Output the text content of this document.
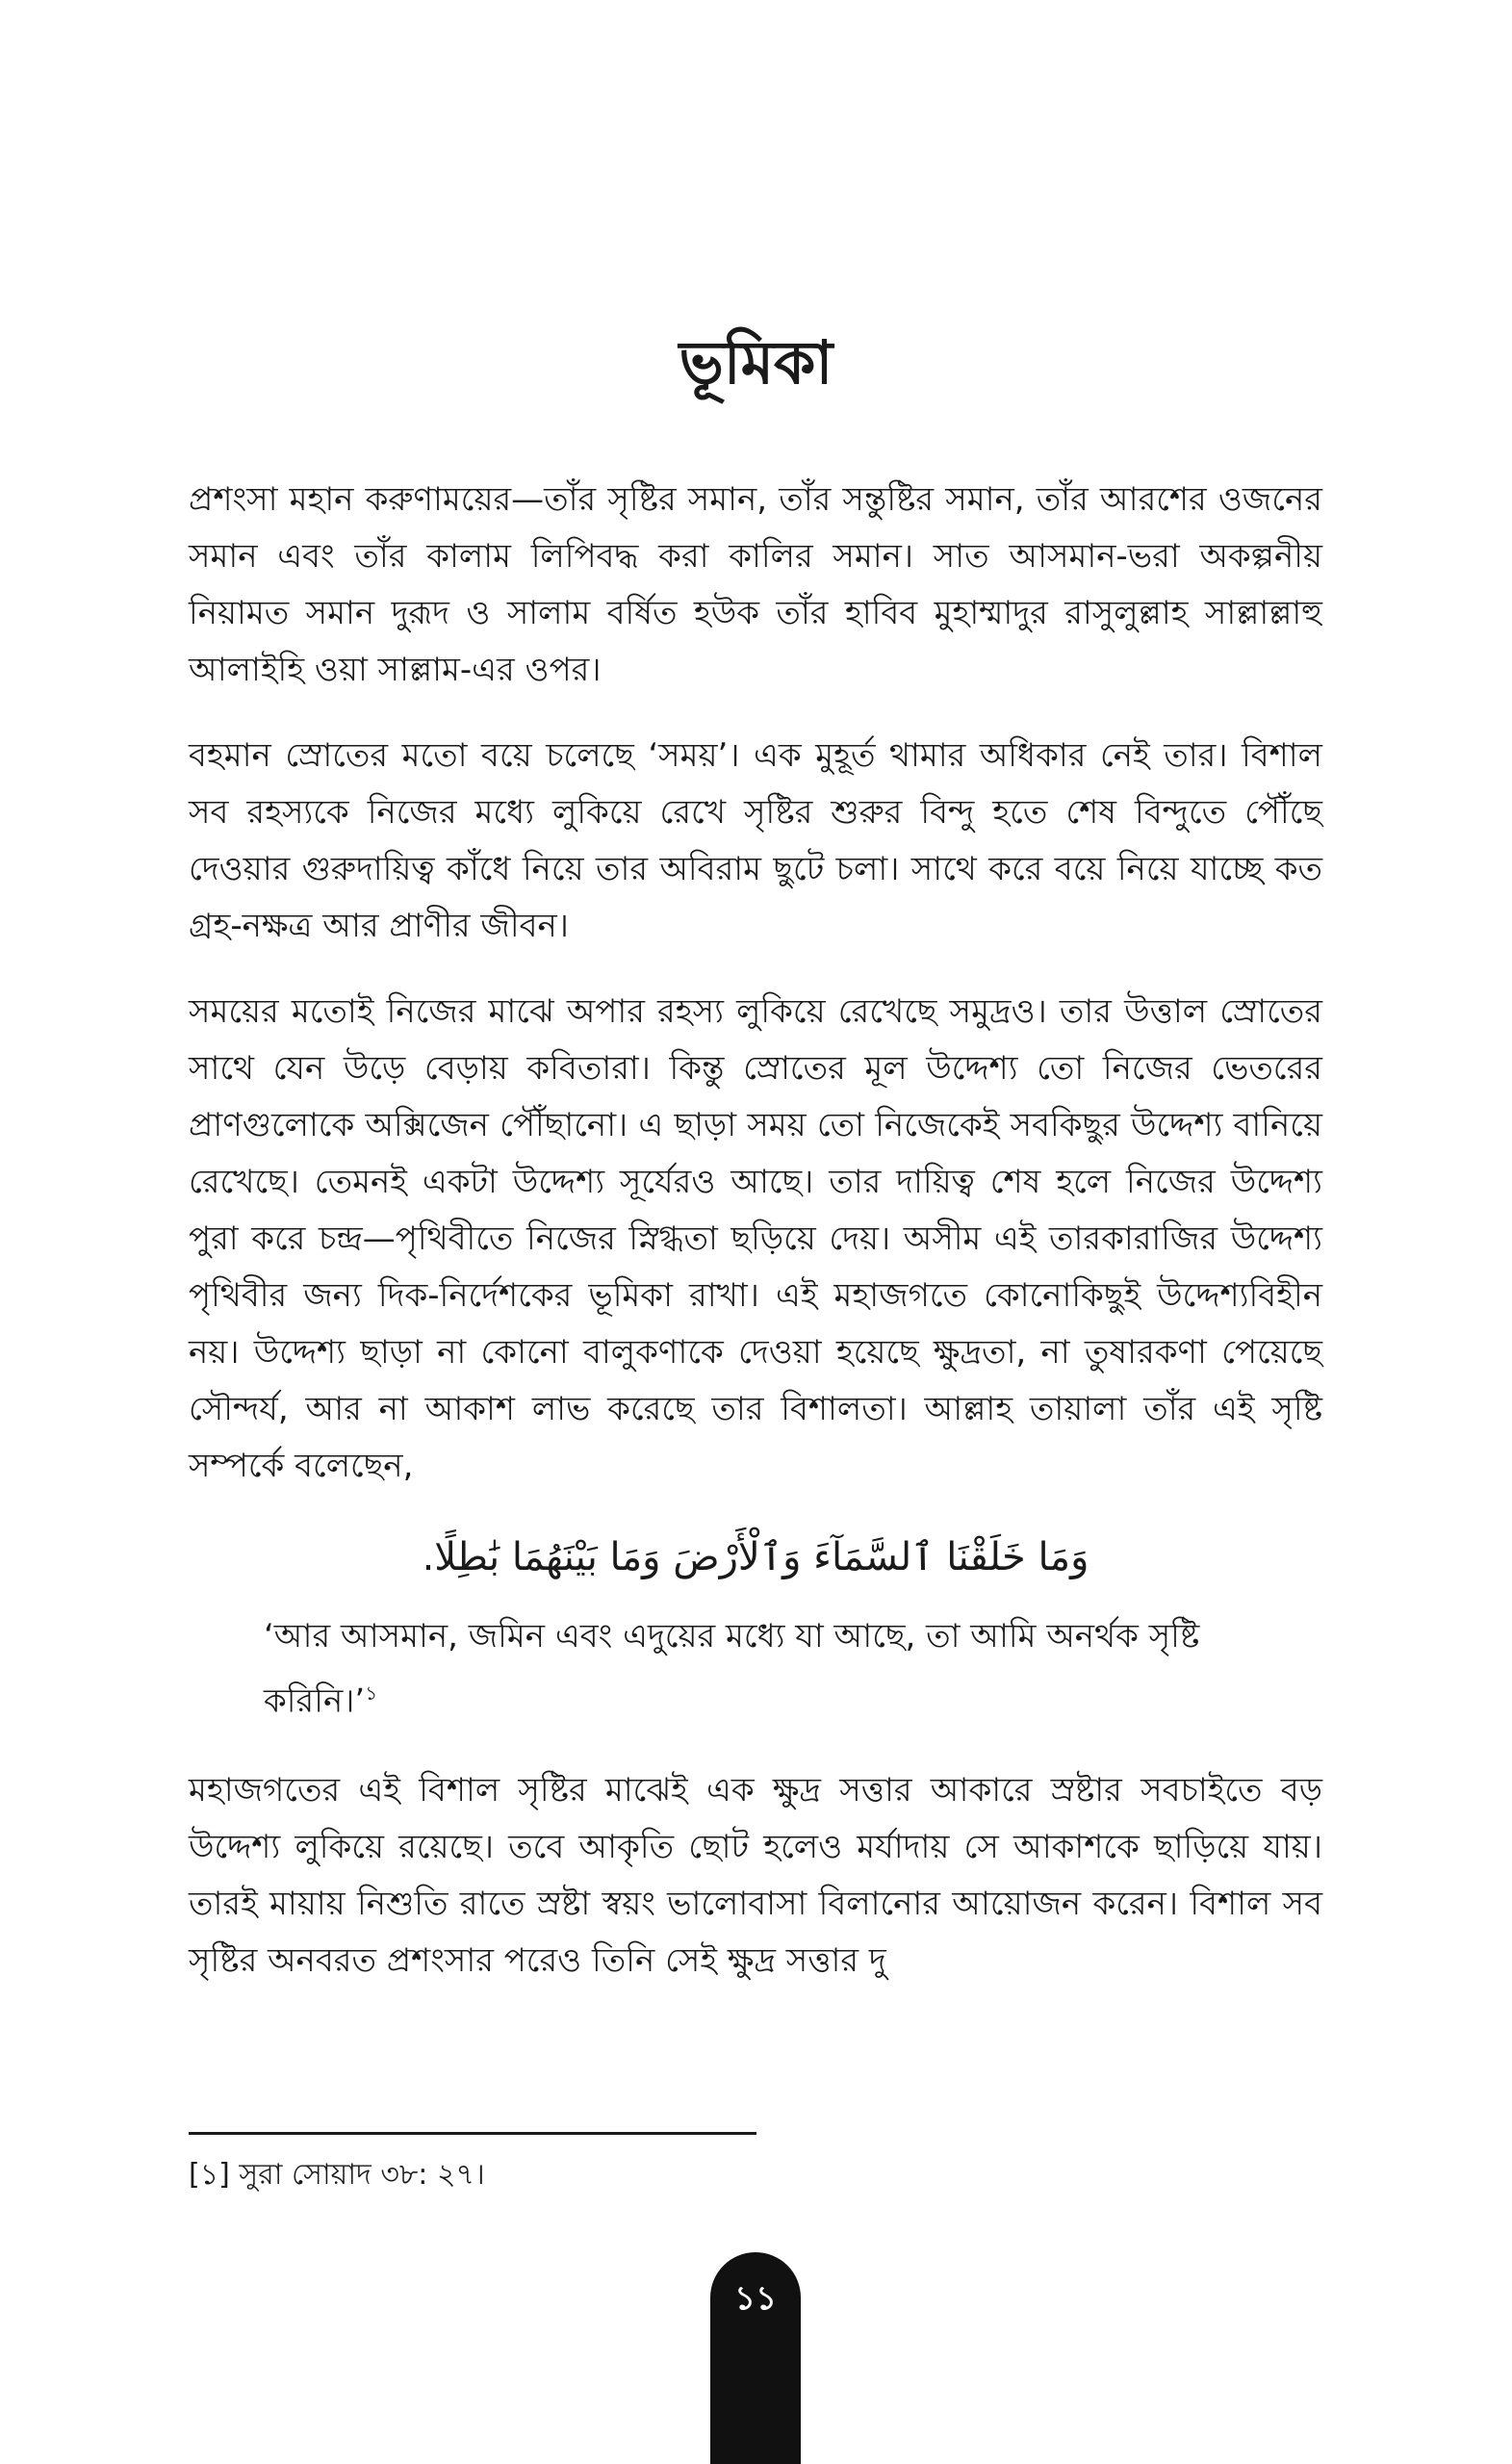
ভূমিকা

প্রশংসা মহান করুণাময়ের—তাঁর সৃষ্টির সমান, তাঁর সন্তুষ্টির সমান, তাঁর আরশের ওজনের সমান এবং তাঁর কালাম লিপিবদ্ধ করা কালির সমান। সাত আসমান-ভরা অকল্পনীয় নিয়ামত সমান দুরূদ ও সালাম বর্ষিত হউক তাঁর হাবিব মুহাম্মাদুর রাসুলুল্লাহ সাল্লাল্লাহু আলাইহি ওয়া সাল্লাম-এর ওপর।

বহমান স্রোতের মতো বয়ে চলেছে ‘সময়’। এক মুহূর্ত থামার অধিকার নেই তার। বিশাল সব রহস্যকে নিজের মধ্যে লুকিয়ে রেখে সৃষ্টির শুরুর বিন্দু হতে শেষ বিন্দুতে পৌঁছে দেওয়ার গুরুদায়িত্ব কাঁধে নিয়ে তার অবিরাম ছুটে চলা। সাথে করে বয়ে নিয়ে যাচ্ছে কত গ্রহ-নক্ষত্র আর প্রাণীর জীবন।

সময়ের মতোই নিজের মাঝে অপার রহস্য লুকিয়ে রেখেছে সমুদ্রও। তার উত্তাল স্রোতের সাথে যেন উড়ে বেড়ায় কবিতারা। কিন্তু স্রোতের মূল উদ্দেশ্য তো নিজের ভেতরের প্রাণগুলোকে অক্সিজেন পৌঁছানো। এ ছাড়া সময় তো নিজেকেই সবকিছুর উদ্দেশ্য বানিয়ে রেখেছে। তেমনই একটা উদ্দেশ্য সূর্যেরও আছে। তার দায়িত্ব শেষ হলে নিজের উদ্দেশ্য পুরা করে চন্দ্র—পৃথিবীতে নিজের স্নিগ্ধতা ছড়িয়ে দেয়। অসীম এই তারকারাজির উদ্দেশ্য পৃথিবীর জন্য দিক-নির্দেশকের ভূমিকা রাখা। এই মহাজগতে কোনোকিছুই উদ্দেশ্যবিহীন নয়। উদ্দেশ্য ছাড়া না কোনো বালুকণাকে দেওয়া হয়েছে ক্ষুদ্রতা, না তুষারকণা পেয়েছে সৌন্দর্য, আর না আকাশ লাভ করেছে তার বিশালতা। আল্লাহ তায়ালা তাঁর এই সৃষ্টি সম্পর্কে বলেছেন,

وَمَا خَلَقْنَا ٱلسَّمَآءَ وَٱلْأَرْضَ وَمَا بَيْنَهُمَا بَٰطِلًا.

‘আর আসমান, জমিন এবং এদুয়ের মধ্যে যা আছে, তা আমি অনর্থক সৃষ্টি করিনি।’$^১$

মহাজগতের এই বিশাল সৃষ্টির মাঝেই এক ক্ষুদ্র সত্তার আকারে স্রষ্টার সবচাইতে বড় উদ্দেশ্য লুকিয়ে রয়েছে। তবে আকৃতি ছোট হলেও মর্যাদায় সে আকাশকে ছাড়িয়ে যায়। তারই মায়ায় নিশুতি রাতে স্রষ্টা স্বয়ং ভালোবাসা বিলানোর আয়োজন করেন। বিশাল সব সৃষ্টির অনবরত প্রশংসার পরেও তিনি সেই ক্ষুদ্র সত্তার দু

[১] সুরা সোয়াদ ৩৮: ২৭।

১১
